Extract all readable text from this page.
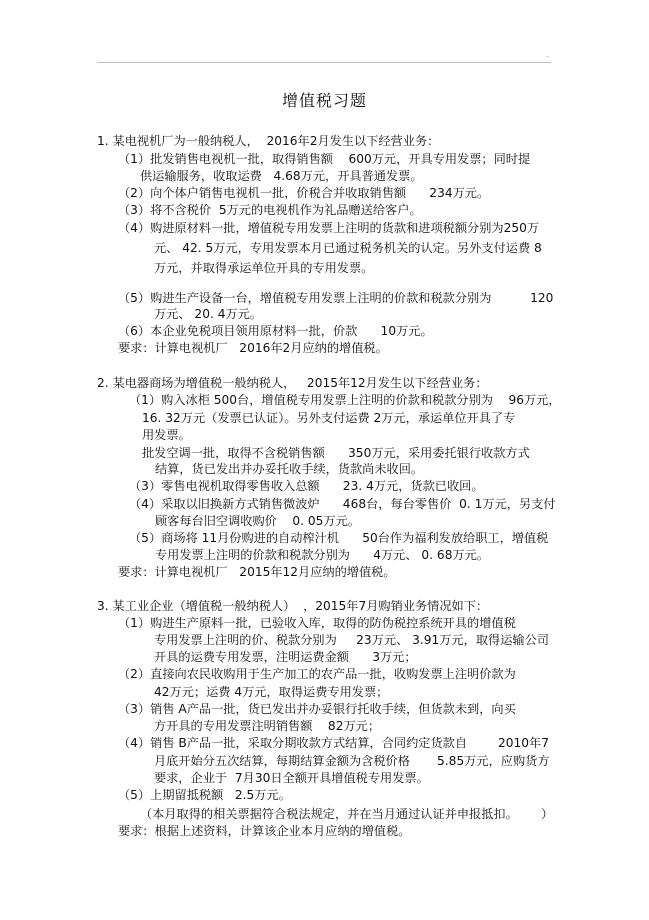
.
增值税习题
1. 某电视机厂为一般纳税人，  2016年2月发生以下经营业务：
（1）批发销售电视机一批，取得销售额    600万元，开具专用发票；同时提
供运输服务，收取运费   4.68万元，开具普通发票。
（2）向个体户销售电视机一批，价税合并收取销售额      234万元。
（3）将不含税价  5万元的电视机作为礼品赠送给客户。
（4）购进原材料一批，增值税专用发票上注明的货款和进项税额分别为250万
元、 42. 5万元，专用发票本月已通过税务机关的认定。另外支付运费 8
万元，并取得承运单位开具的专用发票。
（5）购进生产设备一台，增值税专用发票上注明的价款和税款分别为          120
万元、 20. 4万元。
（6）本企业免税项目领用原材料一批，价款      10万元。
要求：计算电视机厂   2016年2月应纳的增值税。
2. 某电器商场为增值税一般纳税人，   2015年12月发生以下经营业务：
（1）购入冰柜 500台，增值税专用发票上注明的价款和税款分别为    96万元，
16. 32万元（发票已认证）。另外支付运费 2万元，承运单位开具了专
用发票。
批发空调一批，取得不含税销售额      350万元，采用委托银行收款方式
结算，货已发出并办妥托收手续，货款尚未收回。
（3）零售电视机取得零售收入总额      23. 4万元，货款已收回。
（4）采取以旧换新方式销售微波炉      468台，每台零售价  0. 1万元，另支付
顾客每台旧空调收购价    0. 05万元。
（5）商场将 11月份购进的自动榨汁机      50台作为福利发放给职工，增值税
专用发票上注明的价款和税款分别为      4万元、 0. 68万元。
要求：计算电视机厂   2015年12月应纳的增值税。
3. 某工业企业（增值税一般纳税人）  ，2015年7月购销业务情况如下：
（1）购进生产原料一批，已验收入库，取得的防伪税控系统开具的增值税
专用发票上注明的价、税款分别为     23万元、 3.91万元，取得运输公司
开具的运费专用发票，注明运费金额      3万元；
（2）直接向农民收购用于生产加工的农产品一批，收购发票上注明价款为
42万元；运费 4万元，取得运费专用发票；
（3）销售 A产品一批，货已发出并办妥银行托收手续，但货款未到，向买
方开具的专用发票注明销售额    82万元；
（4）销售 B产品一批，采取分期收款方式结算，合同约定货款自        2010年7
月底开始分五次结算，每期结算金额为含税价格       5.85万元，应购货方
要求，企业于  7月30日全额开具增值税专用发票。
（5）上期留抵税额   2.5万元。
（本月取得的相关票据符合税法规定，并在当月通过认证并申报抵扣。      ）
要求：根据上述资料，计算该企业本月应纳的增值税。
